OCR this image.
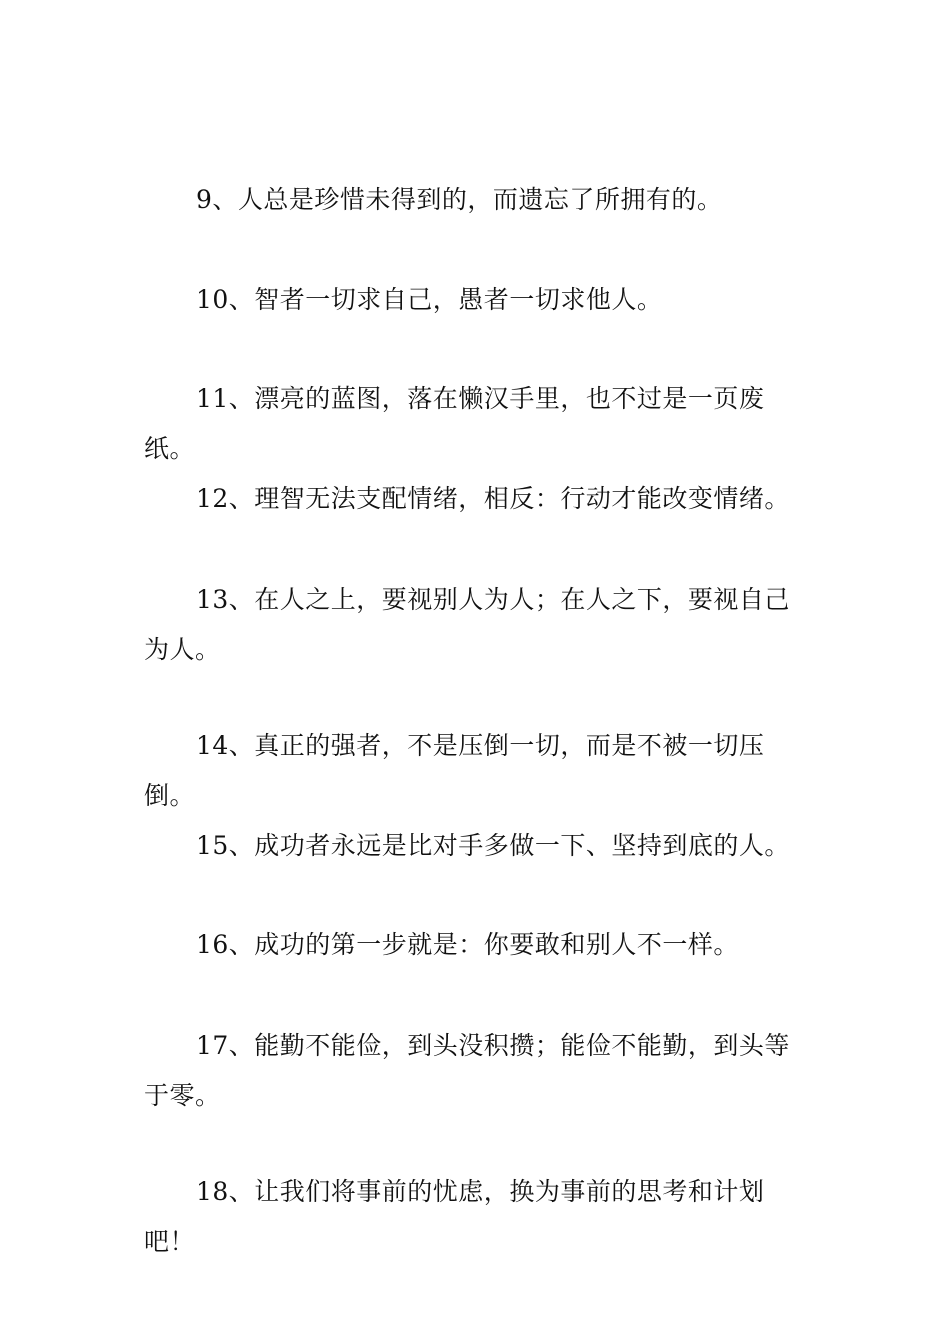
9、人总是珍惜未得到的，而遗忘了所拥有的。

10、智者一切求自己，愚者一切求他人。

11、漂亮的蓝图，落在懒汉手里，也不过是一页废纸。

12、理智无法支配情绪，相反：行动才能改变情绪。

13、在人之上，要视别人为人；在人之下，要视自己为人。

14、真正的强者，不是压倒一切，而是不被一切压倒。

15、成功者永远是比对手多做一下、坚持到底的人。

16、成功的第一步就是：你要敢和别人不一样。

17、能勤不能俭，到头没积攒；能俭不能勤，到头等于零。

18、让我们将事前的忧虑，换为事前的思考和计划吧！
